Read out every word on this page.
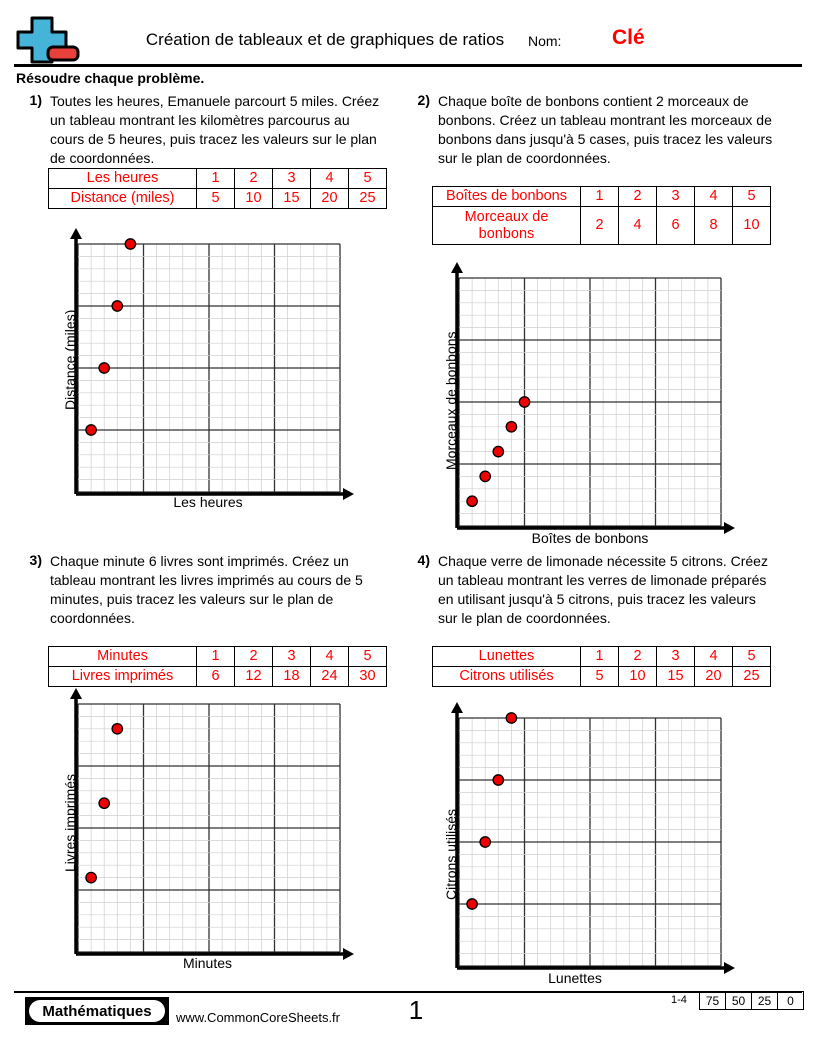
Création de tableaux et de graphiques de ratios	Nom: Clé
Résoudre chaque problème.
1) Toutes les heures, Emanuele parcourt 5 miles. Créez un tableau montrant les kilomètres parcourus au cours de 5 heures, puis tracez les valeurs sur le plan de coordonnées.
Les heures	1	2	3	4	5
Distance (miles)	5	10	15	20	25
Les heures
Distance (miles)
2) Chaque boîte de bonbons contient 2 morceaux de bonbons. Créez un tableau montrant les morceaux de bonbons dans jusqu'à 5 cases, puis tracez les valeurs sur le plan de coordonnées.
Boîtes de bonbons	1	2	3	4	5
Morceaux de bonbons	2	4	6	8	10
Boîtes de bonbons
Morceaux de bonbons
3) Chaque minute 6 livres sont imprimés. Créez un tableau montrant les livres imprimés au cours de 5 minutes, puis tracez les valeurs sur le plan de coordonnées.
Minutes	1	2	3	4	5
Livres imprimés	6	12	18	24	30
Minutes
Livres imprimés
4) Chaque verre de limonade nécessite 5 citrons. Créez un tableau montrant les verres de limonade préparés en utilisant jusqu'à 5 citrons, puis tracez les valeurs sur le plan de coordonnées.
Lunettes	1	2	3	4	5
Citrons utilisés	5	10	15	20	25
Lunettes
Citrons utilisés
Mathématiques	www.CommonCoreSheets.fr	1	1-4	75	50	25	0
